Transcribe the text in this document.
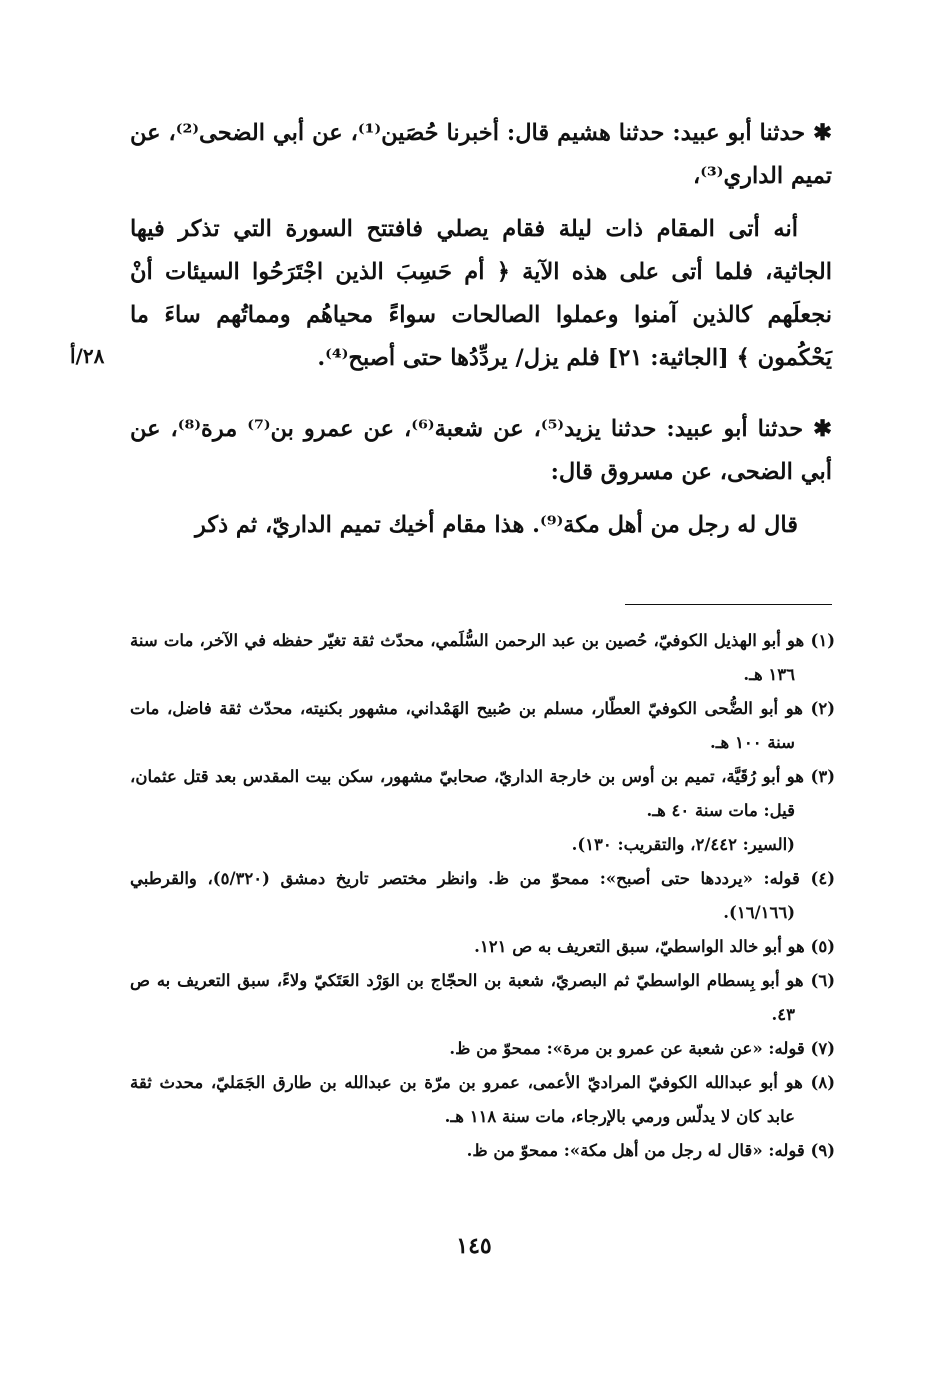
✱ حدثنا أبو عبيد: حدثنا هشيم قال: أخبرنا حُصَين⁽¹⁾، عن أبي الضحى⁽²⁾، عن تميم الداري⁽³⁾،

أنه أتى المقام ذات ليلة فقام يصلي فافتتح السورة التي تذكر فيها الجاثية، فلما أتى على هذه الآية ﴿ أم حَسِبَ الذين اجْتَرَحُوا السيئات أنْ نجعلَهم كالذين آمنوا وعملوا الصالحات سواءً محياهُم ومماتُهم ساءَ ما يَحْكُمون ﴾ [الجاثية: ٢١] فلم يزل/ يردِّدُها حتى أصبح⁽⁴⁾.

٢٨/أ

✱ حدثنا أبو عبيد: حدثنا يزيد⁽⁵⁾، عن شعبة⁽⁶⁾، عن عمرو بن⁽⁷⁾ مرة⁽⁸⁾، عن أبي الضحى، عن مسروق قال:

قال له رجل من أهل مكة⁽⁹⁾. هذا مقام أخيك تميم الداريّ، ثم ذكر

(١) هو أبو الهذيل الكوفيّ، حُصين بن عبد الرحمن السُّلَمي، محدّث ثقة تغيّر حفظه في الآخر، مات سنة ١٣٦ هـ.

(٢) هو أبو الضُّحى الكوفيّ العطّار، مسلم بن صُبيح الهَمْداني، مشهور بكنيته، محدّث ثقة فاضل، مات سنة ١٠٠ هـ.

(٣) هو أبو رُقَيَّة، تميم بن أوس بن خارجة الداريّ، صحابيّ مشهور، سكن بيت المقدس بعد قتل عثمان، قيل: مات سنة ٤٠ هـ.

(السير: ٢/٤٤٢، والتقريب: ١٣٠).

(٤) قوله: «يرددها حتى أصبح»: ممحوّ من ظ. وانظر مختصر تاريخ دمشق (٥/٣٢٠)، والقرطبي (١٦/١٦٦).

(٥) هو أبو خالد الواسطيّ، سبق التعريف به ص ١٢١.

(٦) هو أبو بِسطام الواسطيّ ثم البصريّ، شعبة بن الحجّاج بن الوَرْد العَتَكيّ ولاءً، سبق التعريف به ص ٤٣.

(٧) قوله: «عن شعبة عن عمرو بن مرة»: ممحوّ من ظ.

(٨) هو أبو عبدالله الكوفيّ المراديّ الأعمى، عمرو بن مرّة بن عبدالله بن طارق الجَمَليّ، محدث ثقة عابد كان لا يدلّس ورمي بالإرجاء، مات سنة ١١٨ هـ.

(٩) قوله: «قال له رجل من أهل مكة»: ممحوّ من ظ.

١٤٥
